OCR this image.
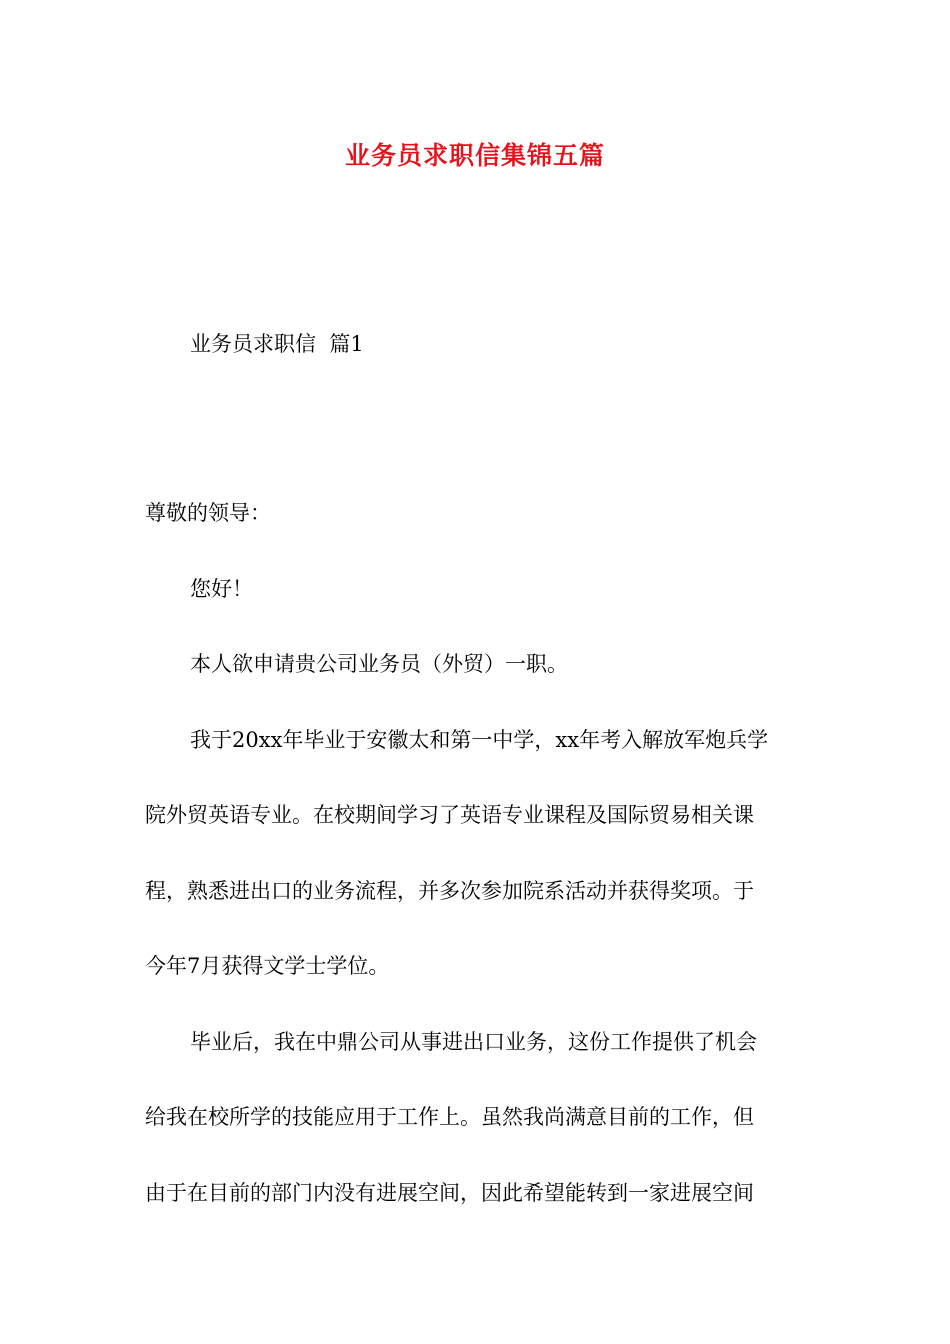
业务员求职信集锦五篇

业务员求职信  篇1

尊敬的领导：

您好！

本人欲申请贵公司业务员（外贸）一职。

我于20xx年毕业于安徽太和第一中学，xx年考入解放军炮兵学
院外贸英语专业。在校期间学习了英语专业课程及国际贸易相关课
程，熟悉进出口的业务流程，并多次参加院系活动并获得奖项。于
今年7月获得文学士学位。

毕业后，我在中鼎公司从事进出口业务，这份工作提供了机会
给我在校所学的技能应用于工作上。虽然我尚满意目前的工作，但
由于在目前的部门内没有进展空间，因此希望能转到一家进展空间
